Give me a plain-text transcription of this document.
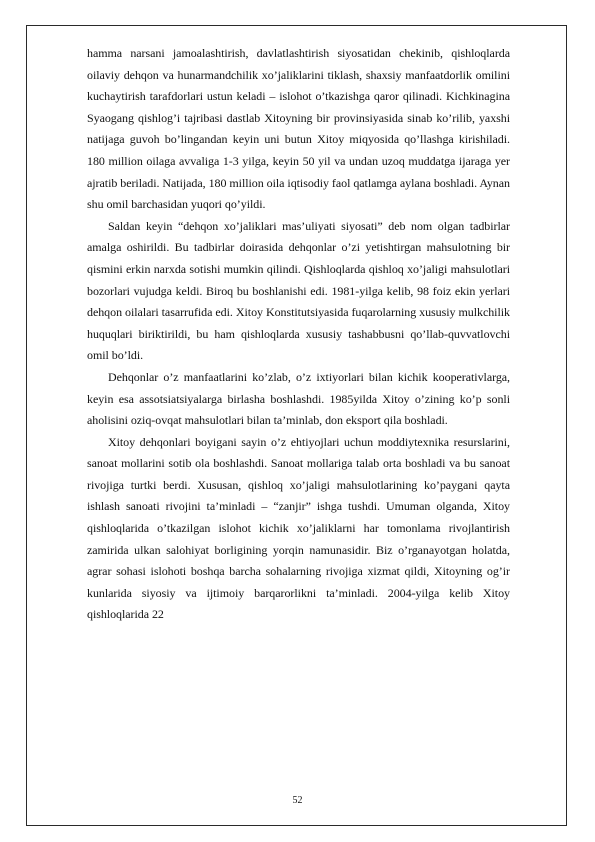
hamma narsani jamoalashtirish, davlatlashtirish siyosatidan chekinib, qishloqlarda oilaviy dehqon va hunarmandchilik xo’jaliklarini tiklash, shaxsiy manfaatdorlik omilini kuchaytirish tarafdorlari ustun keladi – islohot o’tkazishga qaror qilinadi. Kichkinagina Syaogang qishlog’i tajribasi dastlab Xitoyning bir provinsiyasida sinab ko’rilib, yaxshi natijaga guvoh bo’lingandan keyin uni butun Xitoy miqyosida qo’llashga kirishiladi. 180 million oilaga avvaliga 1-3 yilga, keyin 50 yil va undan uzoq muddatga ijaraga yer ajratib beriladi. Natijada, 180 million oila iqtisodiy faol qatlamga aylana boshladi. Aynan shu omil barchasidan yuqori qo’yildi.

Saldan keyin “dehqon xo’jaliklari mas’uliyati siyosati” deb nom olgan tadbirlar amalga oshirildi. Bu tadbirlar doirasida dehqonlar o’zi yetishtirgan mahsulotning bir qismini erkin narxda sotishi mumkin qilindi. Qishloqlarda qishloq xo’jaligi mahsulotlari bozorlari vujudga keldi. Biroq bu boshlanishi edi. 1981-yilga kelib, 98 foiz ekin yerlari dehqon oilalari tasarrufida edi. Xitoy Konstitutsiyasida fuqarolarning xususiy mulkchilik huquqlari biriktirildi, bu ham qishloqlarda xususiy tashabbusni qo’llab-quvvatlovchi omil bo’ldi.

Dehqonlar o’z manfaatlarini ko’zlab, o’z ixtiyorlari bilan kichik kooperativlarga, keyin esa assotsiatsiyalarga birlasha boshlashdi. 1985yilda Xitoy o’zining ko’p sonli aholisini oziq-ovqat mahsulotlari bilan ta’minlab, don eksport qila boshladi.

Xitoy dehqonlari boyigani sayin o’z ehtiyojlari uchun moddiytexnika resurslarini, sanoat mollarini sotib ola boshlashdi. Sanoat mollariga talab orta boshladi va bu sanoat rivojiga turtki berdi. Xususan, qishloq xo’jaligi mahsulotlarining ko’paygani qayta ishlash sanoati rivojini ta’minladi – “zanjir” ishga tushdi. Umuman olganda, Xitoy qishloqlarida o’tkazilgan islohot kichik xo’jaliklarni har tomonlama rivojlantirish zamirida ulkan salohiyat borligining yorqin namunasidir. Biz o’rganayotgan holatda, agrar sohasi islohoti boshqa barcha sohalarning rivojiga xizmat qildi, Xitoyning og’ir kunlarida siyosiy va ijtimoiy barqarorlikni ta’minladi. 2004-yilga kelib Xitoy qishloqlarida 22

52
